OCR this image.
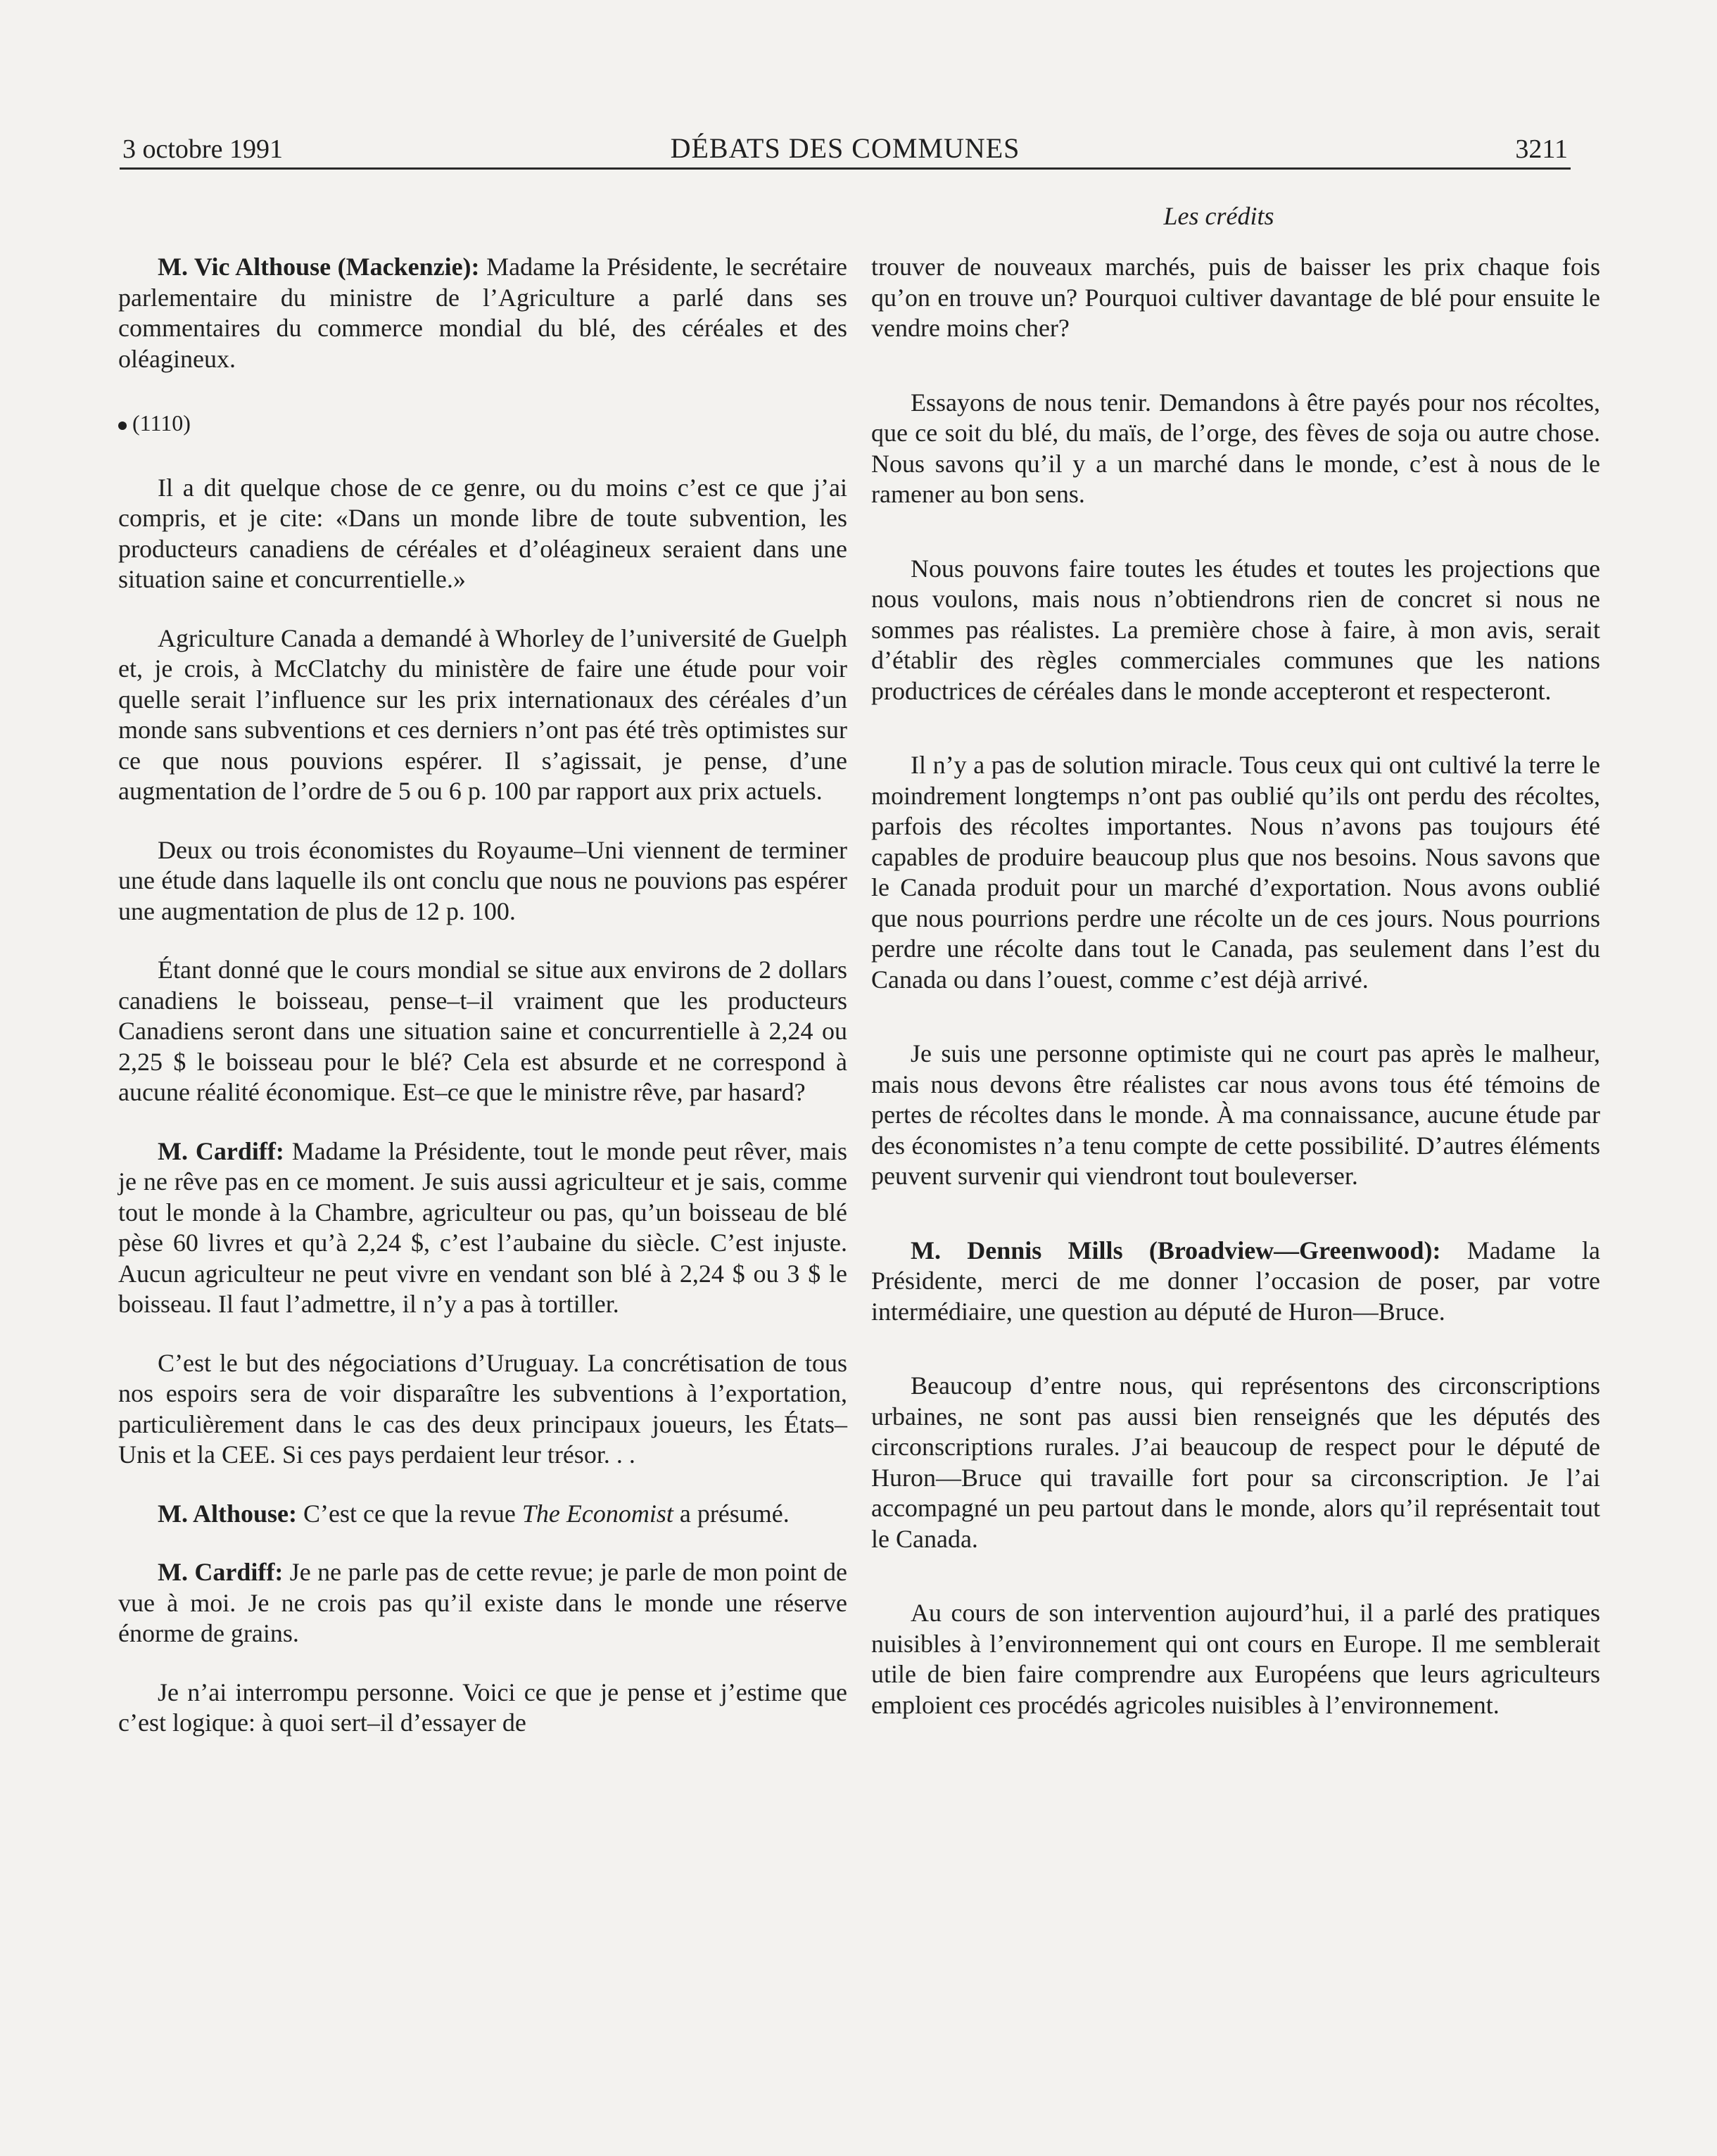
3 octobre 1991	DÉBATS DES COMMUNES	3211
Les crédits

M. Vic Althouse (Mackenzie): Madame la Présidente, le secrétaire parlementaire du ministre de l’Agriculture a parlé dans ses commentaires du commerce mondial du blé, des céréales et des oléagineux.

(1110)

Il a dit quelque chose de ce genre, ou du moins c’est ce que j’ai compris, et je cite: «Dans un monde libre de toute subvention, les producteurs canadiens de céréales et d’oléagineux seraient dans une situation saine et concurrentielle.»

Agriculture Canada a demandé à Whorley de l’université de Guelph et, je crois, à McClatchy du ministère de faire une étude pour voir quelle serait l’influence sur les prix internationaux des céréales d’un monde sans subventions et ces derniers n’ont pas été très optimistes sur ce que nous pouvions espérer. Il s’agissait, je pense, d’une augmentation de l’ordre de 5 ou 6 p. 100 par rapport aux prix actuels.

Deux ou trois économistes du Royaume–Uni viennent de terminer une étude dans laquelle ils ont conclu que nous ne pouvions pas espérer une augmentation de plus de 12 p. 100.

Étant donné que le cours mondial se situe aux environs de 2 dollars canadiens le boisseau, pense–t–il vraiment que les producteurs Canadiens seront dans une situation saine et concurrentielle à 2,24 ou 2,25 $ le boisseau pour le blé? Cela est absurde et ne correspond à aucune réalité économique. Est–ce que le ministre rêve, par hasard?

M. Cardiff: Madame la Présidente, tout le monde peut rêver, mais je ne rêve pas en ce moment. Je suis aussi agriculteur et je sais, comme tout le monde à la Chambre, agriculteur ou pas, qu’un boisseau de blé pèse 60 livres et qu’à 2,24 $, c’est l’aubaine du siècle. C’est injuste. Aucun agriculteur ne peut vivre en vendant son blé à 2,24 $ ou 3 $ le boisseau. Il faut l’admettre, il n’y a pas à tortiller.

C’est le but des négociations d’Uruguay. La concrétisation de tous nos espoirs sera de voir disparaître les subventions à l’exportation, particulièrement dans le cas des deux principaux joueurs, les États–Unis et la CEE. Si ces pays perdaient leur trésor. . .

M. Althouse: C’est ce que la revue The Economist a présumé.

M. Cardiff: Je ne parle pas de cette revue; je parle de mon point de vue à moi. Je ne crois pas qu’il existe dans le monde une réserve énorme de grains.

Je n’ai interrompu personne. Voici ce que je pense et j’estime que c’est logique: à quoi sert–il d’essayer de

trouver de nouveaux marchés, puis de baisser les prix chaque fois qu’on en trouve un? Pourquoi cultiver davantage de blé pour ensuite le vendre moins cher?

Essayons de nous tenir. Demandons à être payés pour nos récoltes, que ce soit du blé, du maïs, de l’orge, des fèves de soja ou autre chose. Nous savons qu’il y a un marché dans le monde, c’est à nous de le ramener au bon sens.

Nous pouvons faire toutes les études et toutes les projections que nous voulons, mais nous n’obtiendrons rien de concret si nous ne sommes pas réalistes. La première chose à faire, à mon avis, serait d’établir des règles commerciales communes que les nations productrices de céréales dans le monde accepteront et respecteront.

Il n’y a pas de solution miracle. Tous ceux qui ont cultivé la terre le moindrement longtemps n’ont pas oublié qu’ils ont perdu des récoltes, parfois des récoltes importantes. Nous n’avons pas toujours été capables de produire beaucoup plus que nos besoins. Nous savons que le Canada produit pour un marché d’exportation. Nous avons oublié que nous pourrions perdre une récolte un de ces jours. Nous pourrions perdre une récolte dans tout le Canada, pas seulement dans l’est du Canada ou dans l’ouest, comme c’est déjà arrivé.

Je suis une personne optimiste qui ne court pas après le malheur, mais nous devons être réalistes car nous avons tous été témoins de pertes de récoltes dans le monde. À ma connaissance, aucune étude par des économistes n’a tenu compte de cette possibilité. D’autres éléments peuvent survenir qui viendront tout bouleverser.

M. Dennis Mills (Broadview—Greenwood): Madame la Présidente, merci de me donner l’occasion de poser, par votre intermédiaire, une question au député de Huron—Bruce.

Beaucoup d’entre nous, qui représentons des circonscriptions urbaines, ne sont pas aussi bien renseignés que les députés des circonscriptions rurales. J’ai beaucoup de respect pour le député de Huron—Bruce qui travaille fort pour sa circonscription. Je l’ai accompagné un peu partout dans le monde, alors qu’il représentait tout le Canada.

Au cours de son intervention aujourd’hui, il a parlé des pratiques nuisibles à l’environnement qui ont cours en Europe. Il me semblerait utile de bien faire comprendre aux Européens que leurs agriculteurs emploient ces procédés agricoles nuisibles à l’environnement.
